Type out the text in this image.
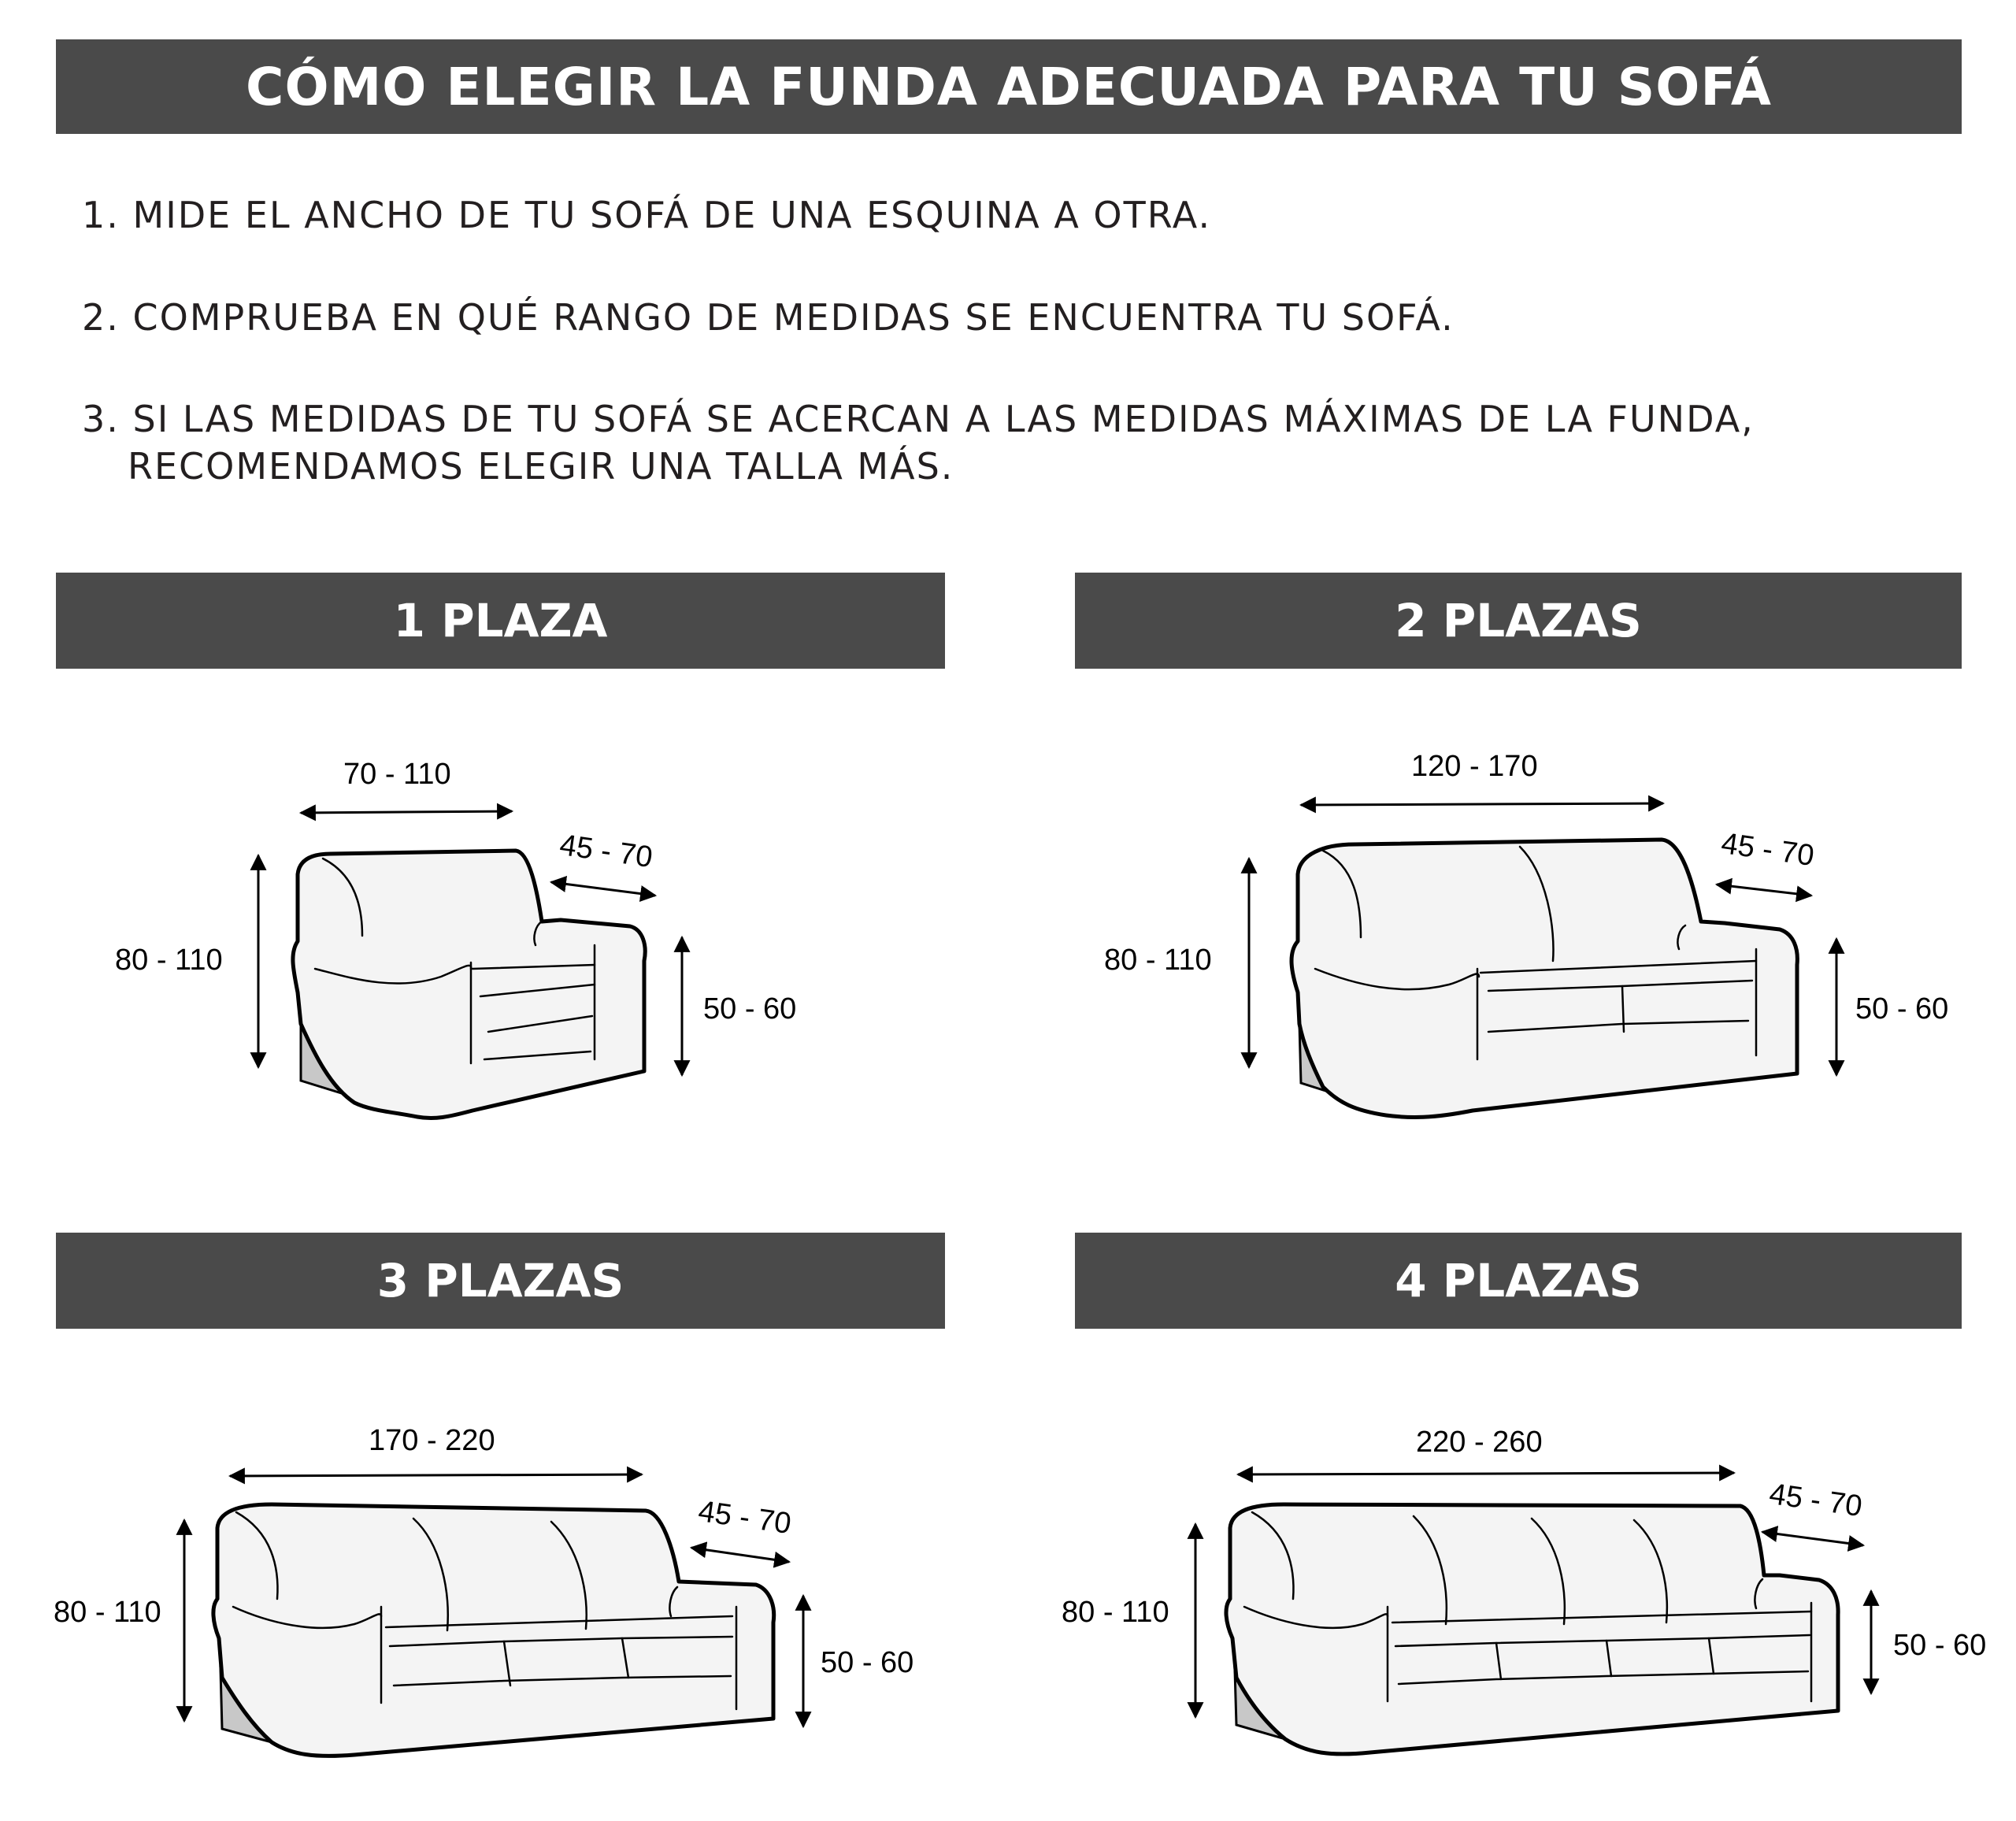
CÓMO ELEGIR LA FUNDA ADECUADA PARA TU SOFÁ
1. MIDE EL ANCHO DE TU SOFÁ DE UNA ESQUINA A OTRA.
2. COMPRUEBA EN QUÉ RANGO DE MEDIDAS SE ENCUENTRA TU SOFÁ.
3. SI LAS MEDIDAS DE TU SOFÁ SE ACERCAN A LAS MEDIDAS MÁXIMAS DE LA FUNDA,
RECOMENDAMOS ELEGIR UNA TALLA MÁS.
1 PLAZA	2 PLAZAS
3 PLAZAS	4 PLAZAS
70 - 110
45 - 70
80 - 110
50 - 60
120 - 170
45 - 70
80 - 110
50 - 60
170 - 220
45 - 70
80 - 110
50 - 60
220 - 260
45 - 70
80 - 110
50 - 60
